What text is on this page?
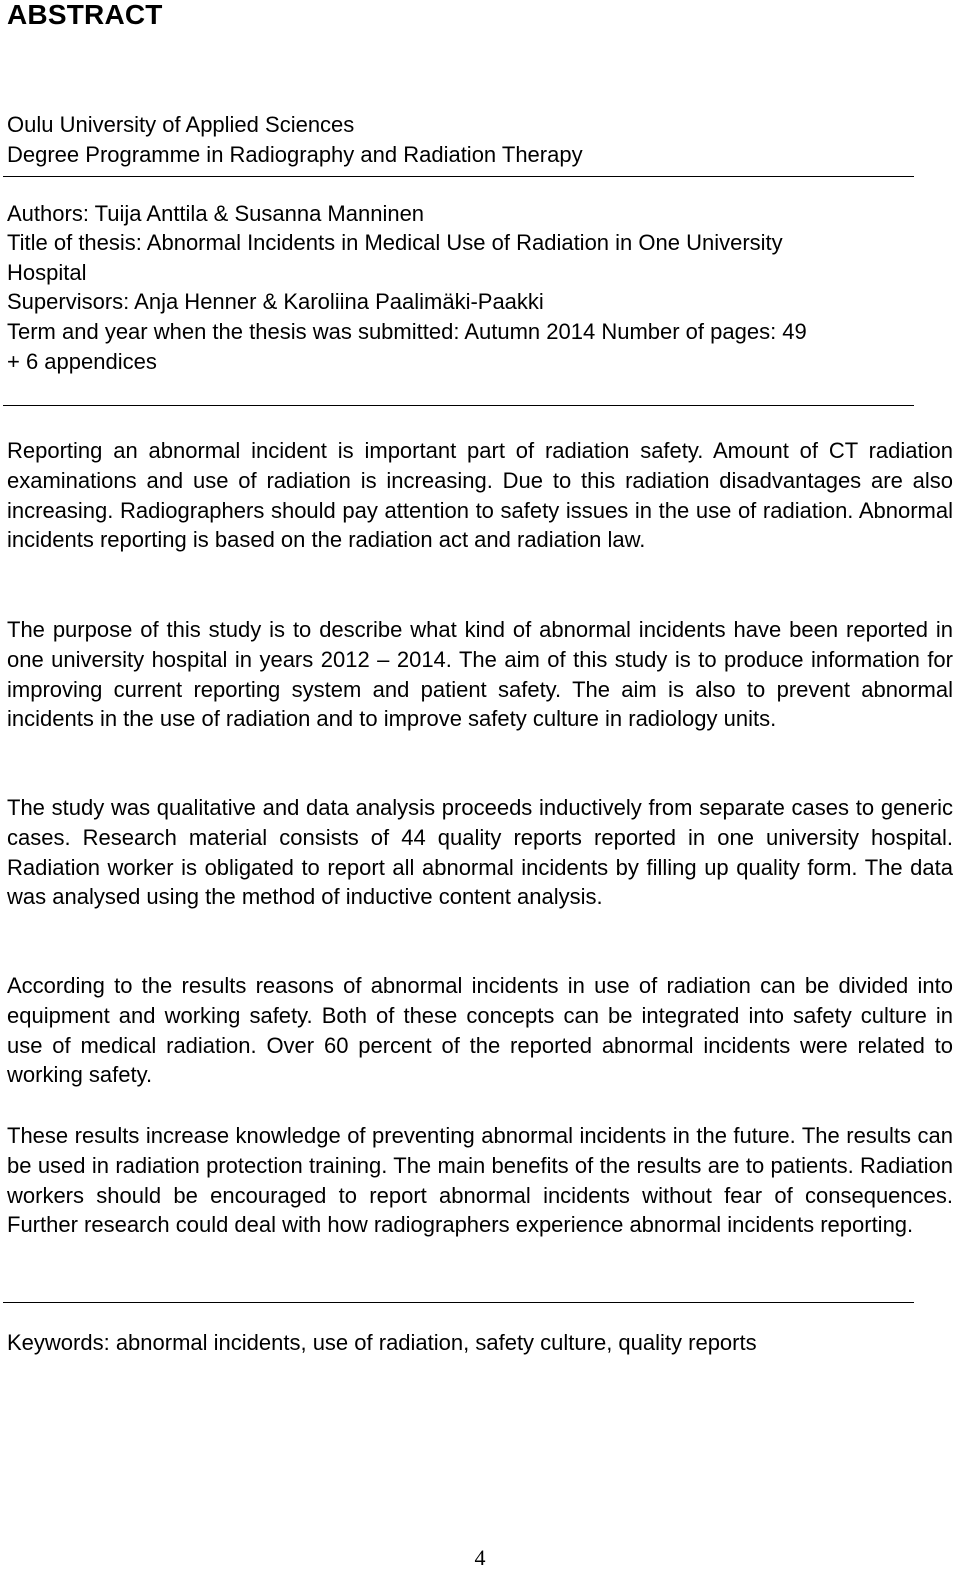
ABSTRACT
Oulu University of Applied Sciences
Degree Programme in Radiography and Radiation Therapy
Authors: Tuija Anttila & Susanna Manninen
Title of thesis: Abnormal Incidents in Medical Use of Radiation in One University
Hospital
Supervisors: Anja Henner & Karoliina Paalimäki-Paakki
Term and year when the thesis was submitted: Autumn 2014 Number of pages: 49
+ 6 appendices

Reporting an abnormal incident is important part of radiation safety. Amount of CT radiation examinations and use of radiation is increasing. Due to this radiation disadvantages are also increasing. Radiographers should pay attention to safety issues in the use of radiation. Abnormal incidents reporting is based on the radiation act and radiation law.

The purpose of this study is to describe what kind of abnormal incidents have been reported in one university hospital in years 2012 – 2014. The aim of this study is to produce information for improving current reporting system and patient safety. The aim is also to prevent abnormal incidents in the use of radiation and to improve safety culture in radiology units.

The study was qualitative and data analysis proceeds inductively from separate cases to generic cases. Research material consists of 44 quality reports reported in one university hospital. Radiation worker is obligated to report all abnormal incidents by filling up quality form. The data was analysed using the method of inductive content analysis.

According to the results reasons of abnormal incidents in use of radiation can be divided into equipment and working safety. Both of these concepts can be integrated into safety culture in use of medical radiation. Over 60 percent of the reported abnormal incidents were related to working safety.

These results increase knowledge of preventing abnormal incidents in the future. The results can be used in radiation protection training. The main benefits of the results are to patients. Radiation workers should be encouraged to report abnormal incidents without fear of consequences. Further research could deal with how radiographers experience abnormal incidents reporting.

Keywords: abnormal incidents, use of radiation, safety culture, quality reports
4
